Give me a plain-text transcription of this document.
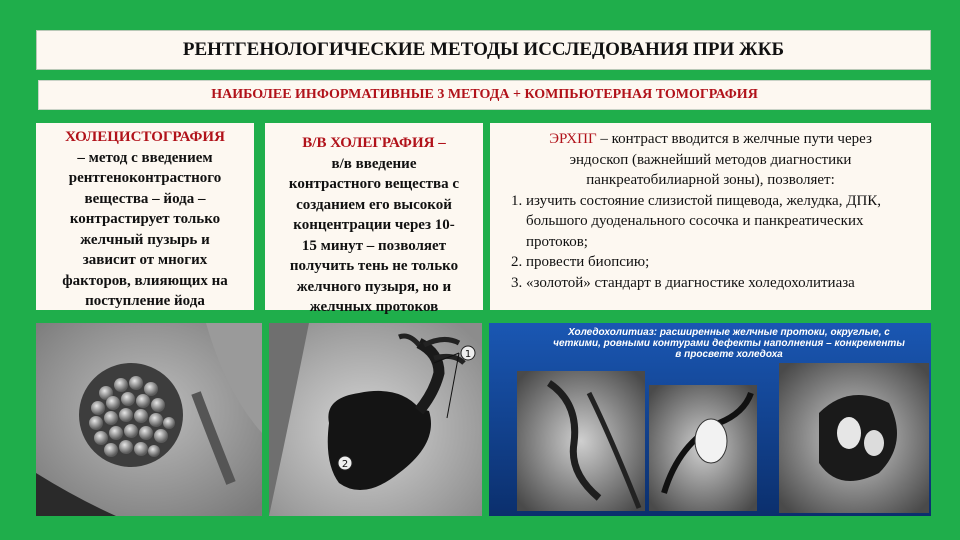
РЕНТГЕНОЛОГИЧЕСКИЕ МЕТОДЫ ИССЛЕДОВАНИЯ ПРИ ЖКБ
НАИБОЛЕЕ ИНФОРМАТИВНЫЕ 3 МЕТОДА + КОМПЬЮТЕРНАЯ ТОМОГРАФИЯ
ХОЛЕЦИСТОГРАФИЯ
– метод с введением
рентгеноконтрастного
вещества – йода –
контрастирует только
желчный пузырь и
зависит от многих
факторов, влияющих на
поступление йода
В/В ХОЛЕГРАФИЯ –
в/в введение
контрастного вещества с
созданием его высокой
концентрации через 10-
15 минут – позволяет
получить тень не только
желчного пузыря, но и
желчных протоков
ЭРХПГ – контраст вводится в желчные пути через
эндоскоп (важнейший методов диагностики
панкреатобилиарной зоны), позволяет:
1. изучить состояние слизистой пищевода, желудка, ДПК, большого дуоденального сосочка и панкреатических протоков;
2. провести биопсию;
3. «золотой» стандарт в диагностике холедохолитиаза
1
2
Холедохолитиаз: расширенные желчные протоки, округлые, с четкими, ровными контурами дефекты наполнения – конкременты в просвете холедоха
